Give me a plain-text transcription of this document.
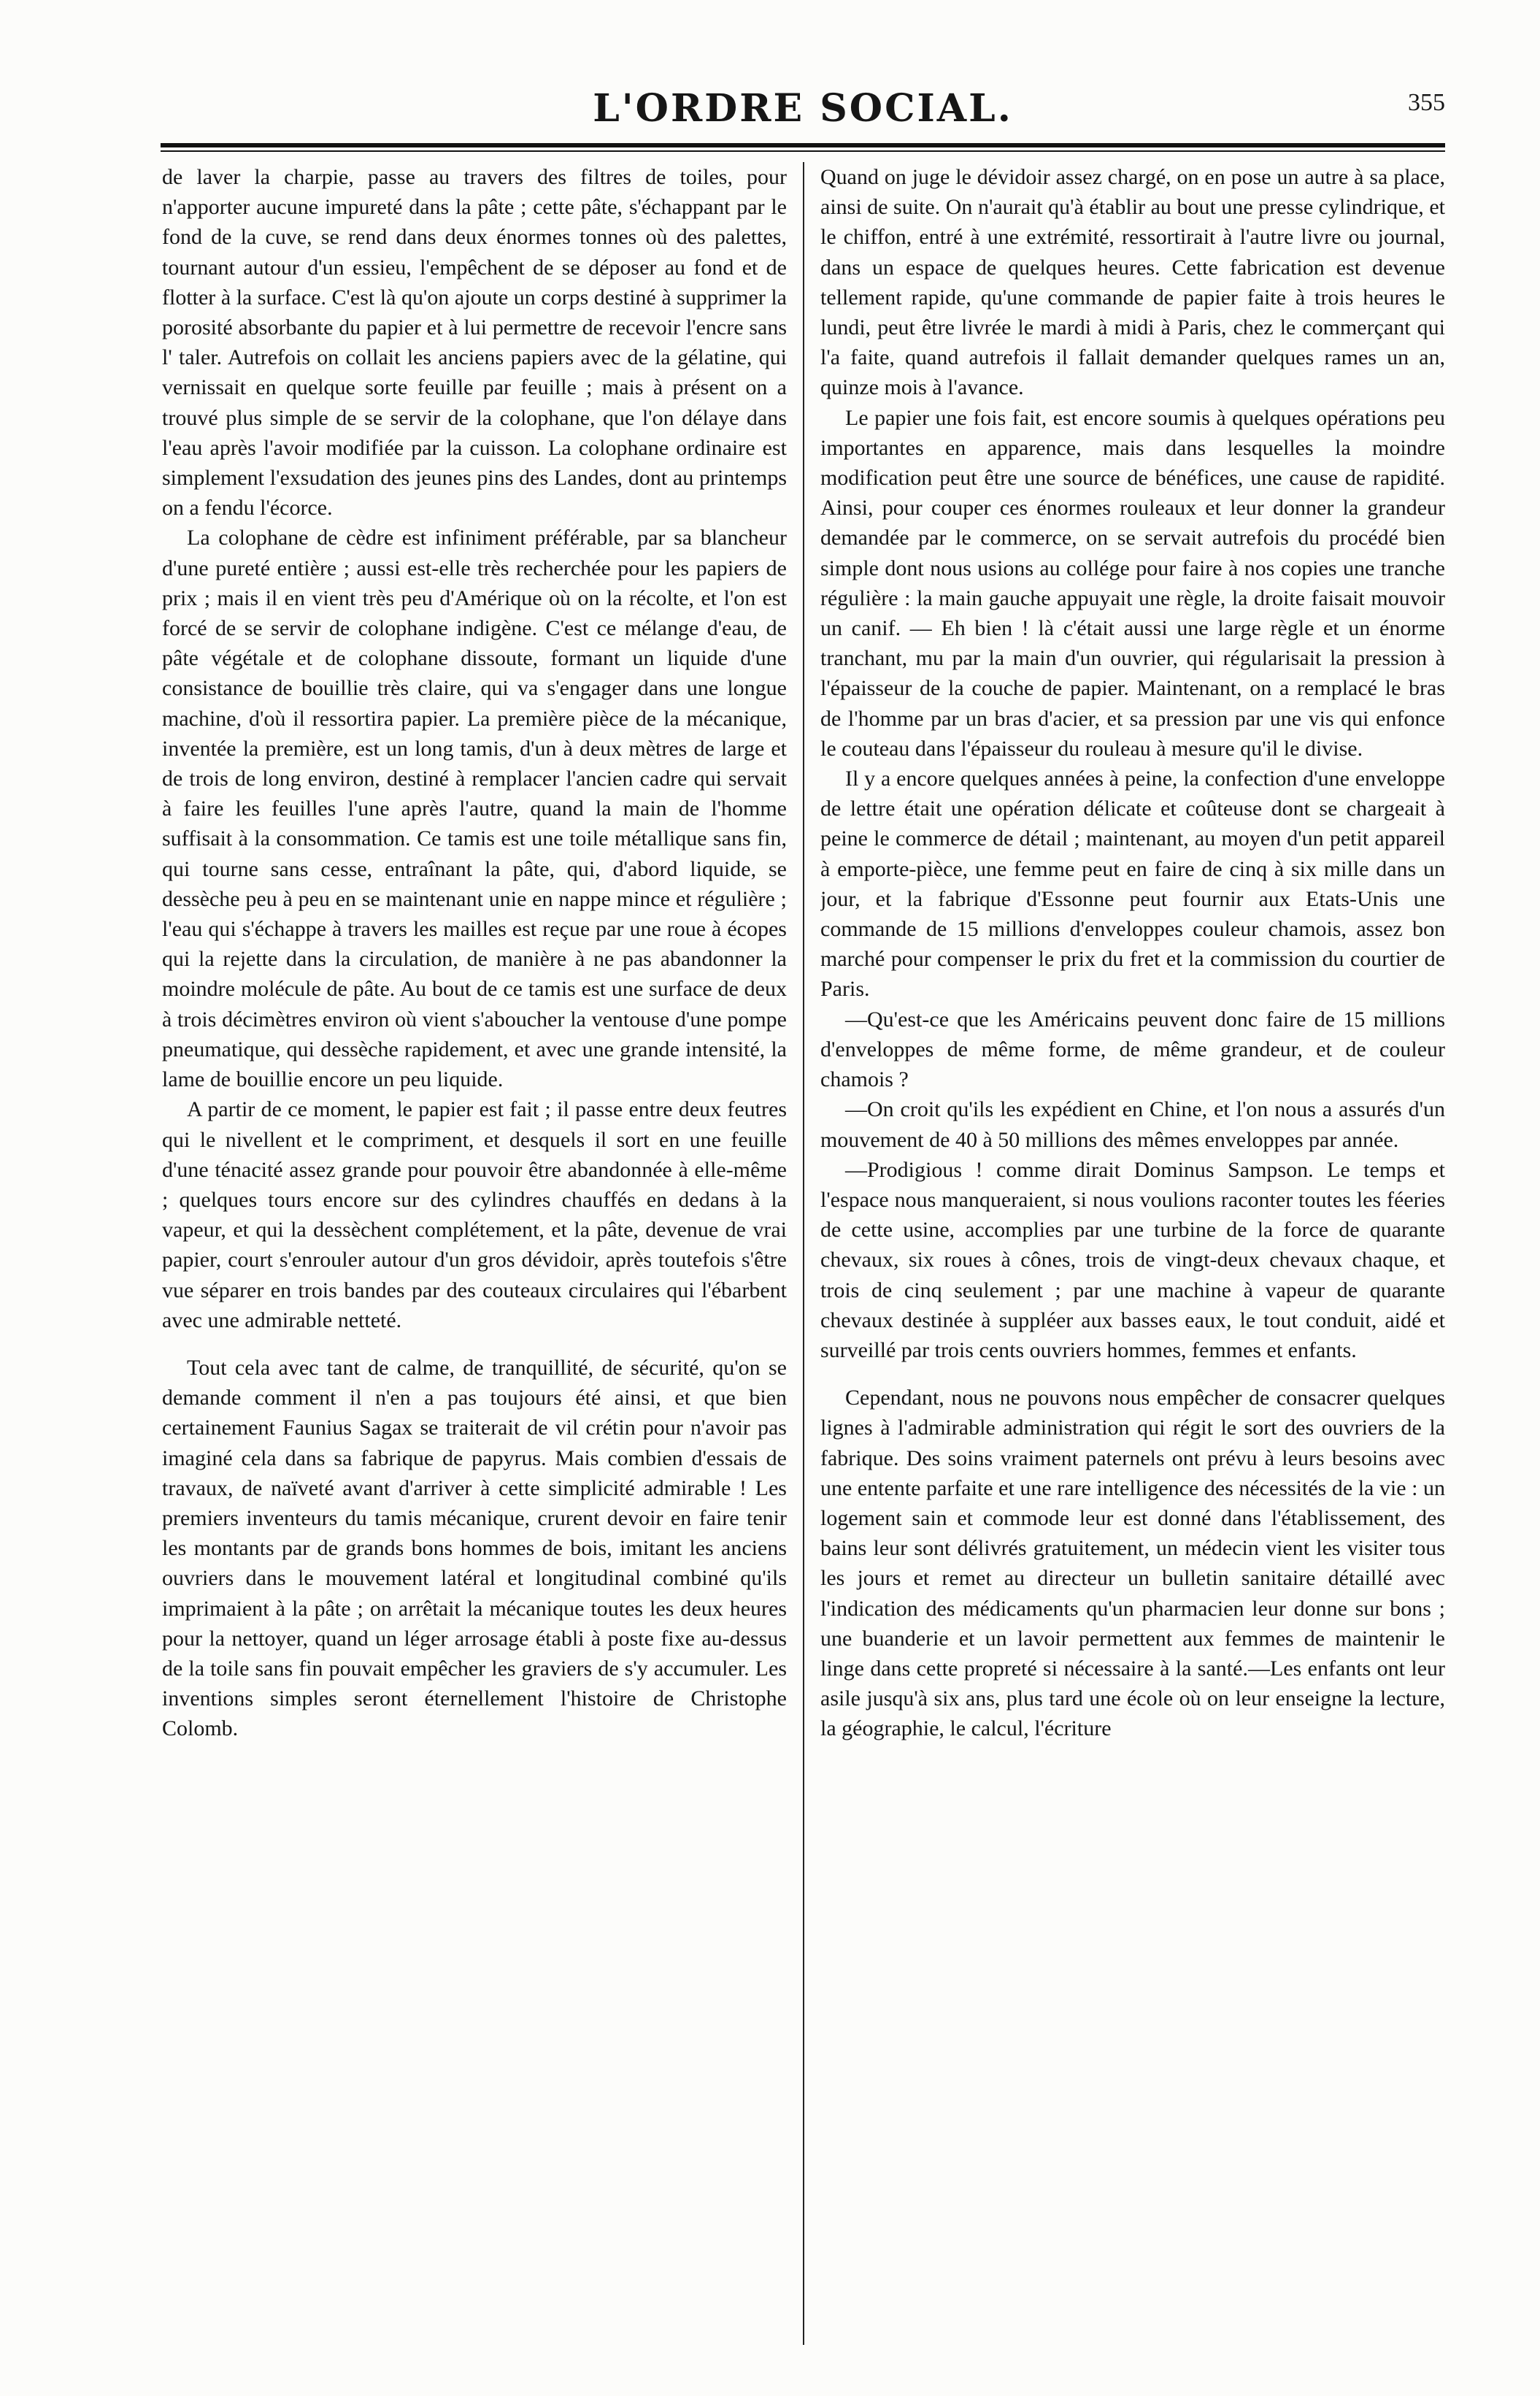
L'ORDRE SOCIAL.	355

de laver la charpie, passe au travers des filtres de toiles, pour n'apporter aucune impureté dans la pâte ; cette pâte, s'échappant par le fond de la cuve, se rend dans deux énormes tonnes où des palettes, tournant autour d'un essieu, l'empêchent de se déposer au fond et de flotter à la surface. C'est là qu'on ajoute un corps destiné à supprimer la porosité absorbante du papier et à lui permettre de recevoir l'encre sans l' taler. Autrefois on collait les anciens papiers avec de la gélatine, qui vernissait en quelque sorte feuille par feuille ; mais à présent on a trouvé plus simple de se servir de la colophane, que l'on délaye dans l'eau après l'avoir modifiée par la cuisson. La colophane ordinaire est simplement l'exsudation des jeunes pins des Landes, dont au printemps on a fendu l'écorce.

La colophane de cèdre est infiniment préférable, par sa blancheur d'une pureté entière ; aussi est-elle très recherchée pour les papiers de prix ; mais il en vient très peu d'Amérique où on la récolte, et l'on est forcé de se servir de colophane indigène. C'est ce mélange d'eau, de pâte végétale et de colophane dissoute, formant un liquide d'une consistance de bouillie très claire, qui va s'engager dans une longue machine, d'où il ressortira papier. La première pièce de la mécanique, inventée la première, est un long tamis, d'un à deux mètres de large et de trois de long environ, destiné à remplacer l'ancien cadre qui servait à faire les feuilles l'une après l'autre, quand la main de l'homme suffisait à la consommation. Ce tamis est une toile métallique sans fin, qui tourne sans cesse, entraînant la pâte, qui, d'abord liquide, se dessèche peu à peu en se maintenant unie en nappe mince et régulière ; l'eau qui s'échappe à travers les mailles est reçue par une roue à écopes qui la rejette dans la circulation, de manière à ne pas abandonner la moindre molécule de pâte. Au bout de ce tamis est une surface de deux à trois décimètres environ où vient s'aboucher la ventouse d'une pompe pneumatique, qui dessèche rapidement, et avec une grande intensité, la lame de bouillie encore un peu liquide.

A partir de ce moment, le papier est fait ; il passe entre deux feutres qui le nivellent et le compriment, et desquels il sort en une feuille d'une ténacité assez grande pour pouvoir être abandonnée à elle-même ; quelques tours encore sur des cylindres chauffés en dedans à la vapeur, et qui la dessèchent complétement, et la pâte, devenue de vrai papier, court s'enrouler autour d'un gros dévidoir, après toutefois s'être vue séparer en trois bandes par des couteaux circulaires qui l'ébarbent avec une admirable netteté.

Tout cela avec tant de calme, de tranquillité, de sécurité, qu'on se demande comment il n'en a pas toujours été ainsi, et que bien certainement Faunius Sagax se traiterait de vil crétin pour n'avoir pas imaginé cela dans sa fabrique de papyrus. Mais combien d'essais de travaux, de naïveté avant d'arriver à cette simplicité admirable ! Les premiers inventeurs du tamis mécanique, crurent devoir en faire tenir les montants par de grands bons hommes de bois, imitant les anciens ouvriers dans le mouvement latéral et longitudinal combiné qu'ils imprimaient à la pâte ; on arrêtait la mécanique toutes les deux heures pour la nettoyer, quand un léger arrosage établi à poste fixe au-dessus de la toile sans fin pouvait empêcher les graviers de s'y accumuler. Les inventions simples seront éternellement l'histoire de Christophe Colomb.

Quand on juge le dévidoir assez chargé, on en pose un autre à sa place, ainsi de suite. On n'aurait qu'à établir au bout une presse cylindrique, et le chiffon, entré à une extrémité, ressortirait à l'autre livre ou journal, dans un espace de quelques heures. Cette fabrication est devenue tellement rapide, qu'une commande de papier faite à trois heures le lundi, peut être livrée le mardi à midi à Paris, chez le commerçant qui l'a faite, quand autrefois il fallait demander quelques rames un an, quinze mois à l'avance.

Le papier une fois fait, est encore soumis à quelques opérations peu importantes en apparence, mais dans lesquelles la moindre modification peut être une source de bénéfices, une cause de rapidité. Ainsi, pour couper ces énormes rouleaux et leur donner la grandeur demandée par le commerce, on se servait autrefois du procédé bien simple dont nous usions au collége pour faire à nos copies une tranche régulière : la main gauche appuyait une règle, la droite faisait mouvoir un canif. — Eh bien ! là c'était aussi une large règle et un énorme tranchant, mu par la main d'un ouvrier, qui régularisait la pression à l'épaisseur de la couche de papier. Maintenant, on a remplacé le bras de l'homme par un bras d'acier, et sa pression par une vis qui enfonce le couteau dans l'épaisseur du rouleau à mesure qu'il le divise.

Il y a encore quelques années à peine, la confection d'une enveloppe de lettre était une opération délicate et coûteuse dont se chargeait à peine le commerce de détail ; maintenant, au moyen d'un petit appareil à emporte-pièce, une femme peut en faire de cinq à six mille dans un jour, et la fabrique d'Essonne peut fournir aux Etats-Unis une commande de 15 millions d'enveloppes couleur chamois, assez bon marché pour compenser le prix du fret et la commission du courtier de Paris.

—Qu'est-ce que les Américains peuvent donc faire de 15 millions d'enveloppes de même forme, de même grandeur, et de couleur chamois ?

—On croit qu'ils les expédient en Chine, et l'on nous a assurés d'un mouvement de 40 à 50 millions des mêmes enveloppes par année.

—Prodigious ! comme dirait Dominus Sampson. Le temps et l'espace nous manqueraient, si nous voulions raconter toutes les féeries de cette usine, accomplies par une turbine de la force de quarante chevaux, six roues à cônes, trois de vingt-deux chevaux chaque, et trois de cinq seulement ; par une machine à vapeur de quarante chevaux destinée à suppléer aux basses eaux, le tout conduit, aidé et surveillé par trois cents ouvriers hommes, femmes et enfants.

Cependant, nous ne pouvons nous empêcher de consacrer quelques lignes à l'admirable administration qui régit le sort des ouvriers de la fabrique. Des soins vraiment paternels ont prévu à leurs besoins avec une entente parfaite et une rare intelligence des nécessités de la vie : un logement sain et commode leur est donné dans l'établissement, des bains leur sont délivrés gratuitement, un médecin vient les visiter tous les jours et remet au directeur un bulletin sanitaire détaillé avec l'indication des médicaments qu'un pharmacien leur donne sur bons ; une buanderie et un lavoir permettent aux femmes de maintenir le linge dans cette propreté si nécessaire à la santé.—Les enfants ont leur asile jusqu'à six ans, plus tard une école où on leur enseigne la lecture, la géographie, le calcul, l'écriture
